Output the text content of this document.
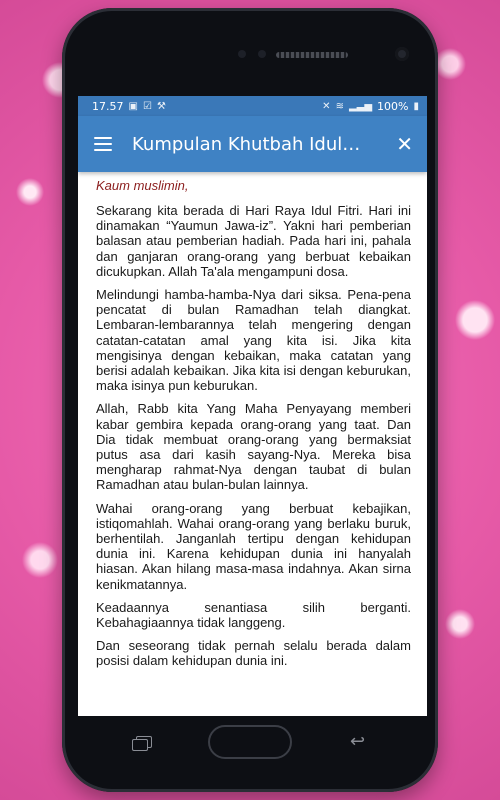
17.57 ▣ ☑ ⚒	✕ ≋ ▂▃▅ 100% ▮
Kumpulan Khutbah Idul…	✕

Kaum muslimin,

Sekarang kita berada di Hari Raya Idul Fitri. Hari ini dinamakan “Yaumun Jawa-iz”. Yakni hari pemberian balasan atau pemberian hadiah. Pada hari ini, pahala dan ganjaran orang-orang yang berbuat kebaikan dicukupkan. Allah Ta'ala mengampuni dosa.

Melindungi hamba-hamba-Nya dari siksa. Pena-pena pencatat di bulan Ramadhan telah diangkat. Lembaran-lembarannya telah mengering dengan catatan-catatan amal yang kita isi. Jika kita mengisinya dengan kebaikan, maka catatan yang berisi adalah kebaikan. Jika kita isi dengan keburukan, maka isinya pun keburukan.

Allah, Rabb kita Yang Maha Penyayang memberi kabar gembira kepada orang-orang yang taat. Dan Dia tidak membuat orang-orang yang bermaksiat putus asa dari kasih sayang-Nya. Mereka bisa mengharap rahmat-Nya dengan taubat di bulan Ramadhan atau bulan-bulan lainnya.

Wahai orang-orang yang berbuat kebajikan, istiqomahlah. Wahai orang-orang yang berlaku buruk, berhentilah. Janganlah tertipu dengan kehidupan dunia ini. Karena kehidupan dunia ini hanyalah hiasan. Akan hilang masa-masa indahnya. Akan sirna kenikmatannya.

Keadaannya senantiasa silih berganti. Kebahagiaannya tidak langgeng.

Dan seseorang tidak pernah selalu berada dalam posisi dalam kehidupan dunia ini.

↩
